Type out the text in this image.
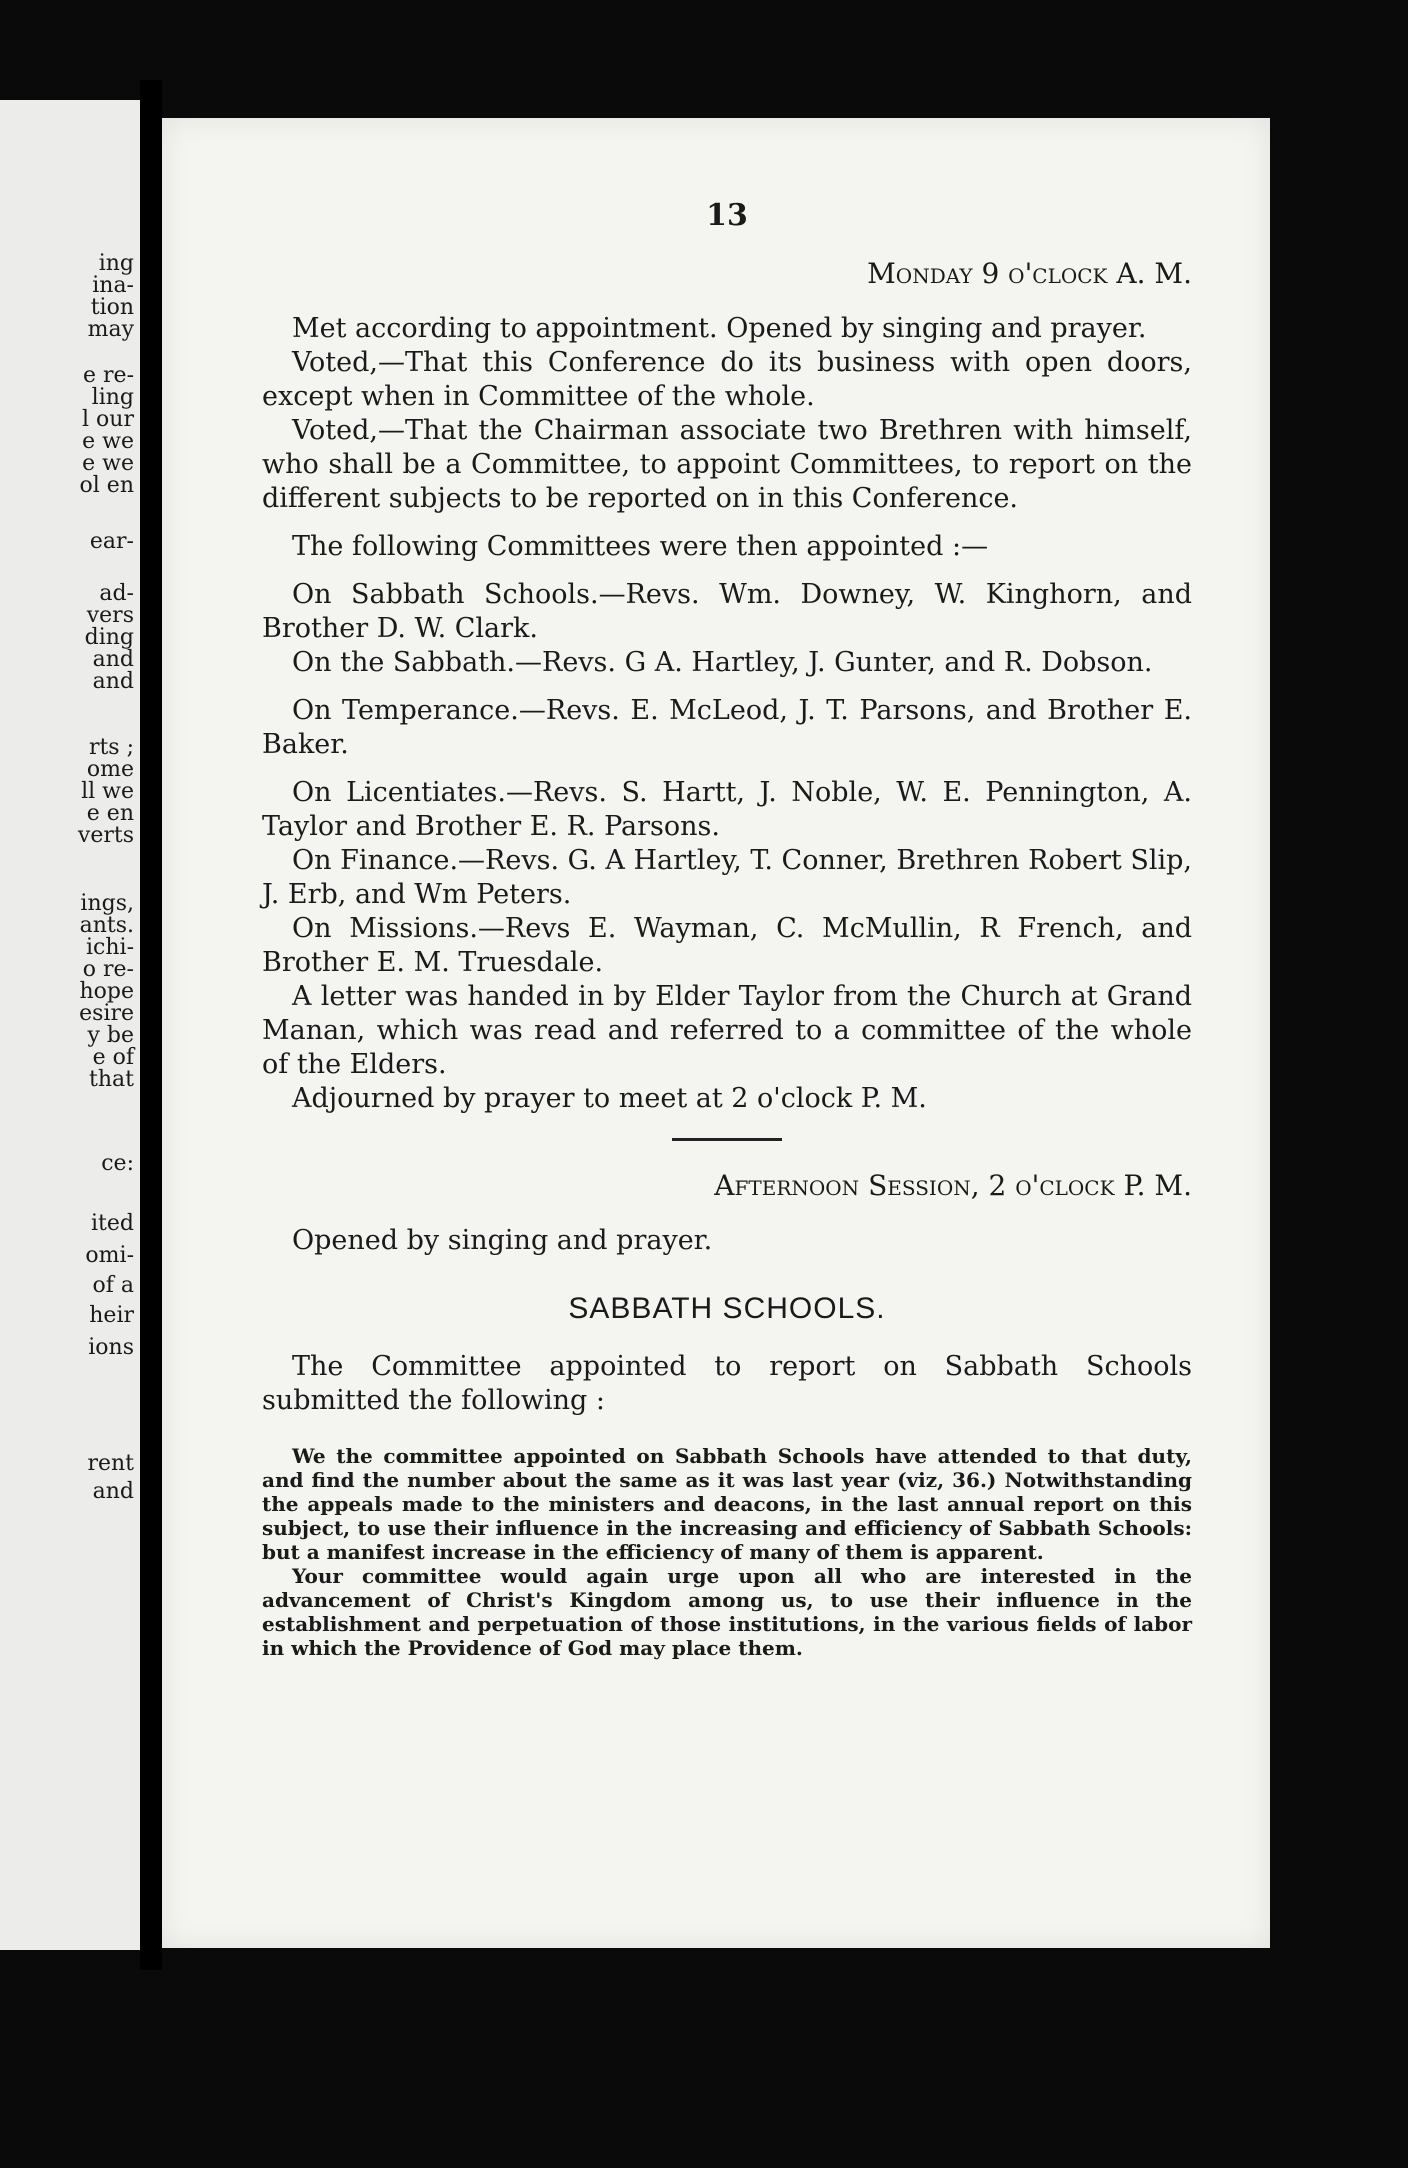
ing
ina-
tion
may
e re-
ling
l our
e we
e we
ol en
ear-
ad-
vers
ding
and
and
rts ;
ome
ll we
e en
verts
ings,
ants.
ichi-
o re-
hope
esire
y be
e of
that
ce:
ited
omi-
of a
heir
ions
rent
and
13
Monday 9 o'clock A. M.

Met according to appointment. Opened by singing and prayer.

Voted,—That this Conference do its business with open doors, except when in Committee of the whole.

Voted,—That the Chairman associate two Brethren with himself, who shall be a Committee, to appoint Committees, to report on the different subjects to be reported on in this Conference.

The following Committees were then appointed :—

On Sabbath Schools.—Revs. Wm. Downey, W. Kinghorn, and Brother D. W. Clark.

On the Sabbath.—Revs. G A. Hartley, J. Gunter, and R. Dobson.

On Temperance.—Revs. E. McLeod, J. T. Parsons, and Brother E. Baker.

On Licentiates.—Revs. S. Hartt, J. Noble, W. E. Pennington, A. Taylor and Brother E. R. Parsons.

On Finance.—Revs. G. A Hartley, T. Conner, Brethren Robert Slip, J. Erb, and Wm Peters.

On Missions.—Revs E. Wayman, C. McMullin, R French, and Brother E. M. Truesdale.

A letter was handed in by Elder Taylor from the Church at Grand Manan, which was read and referred to a committee of the whole of the Elders.

Adjourned by prayer to meet at 2 o'clock P. M.

Afternoon Session, 2 o'clock P. M.

Opened by singing and prayer.

SABBATH SCHOOLS.

The Committee appointed to report on Sabbath Schools submitted the following :

We the committee appointed on Sabbath Schools have attended to that duty, and find the number about the same as it was last year (viz, 36.) Notwithstanding the appeals made to the ministers and deacons, in the last annual report on this subject, to use their influence in the increasing and efficiency of Sabbath Schools: but a manifest increase in the efficiency of many of them is apparent.

Your committee would again urge upon all who are interested in the advancement of Christ's Kingdom among us, to use their influence in the establishment and perpetuation of those institutions, in the various fields of labor in which the Providence of God may place them.
